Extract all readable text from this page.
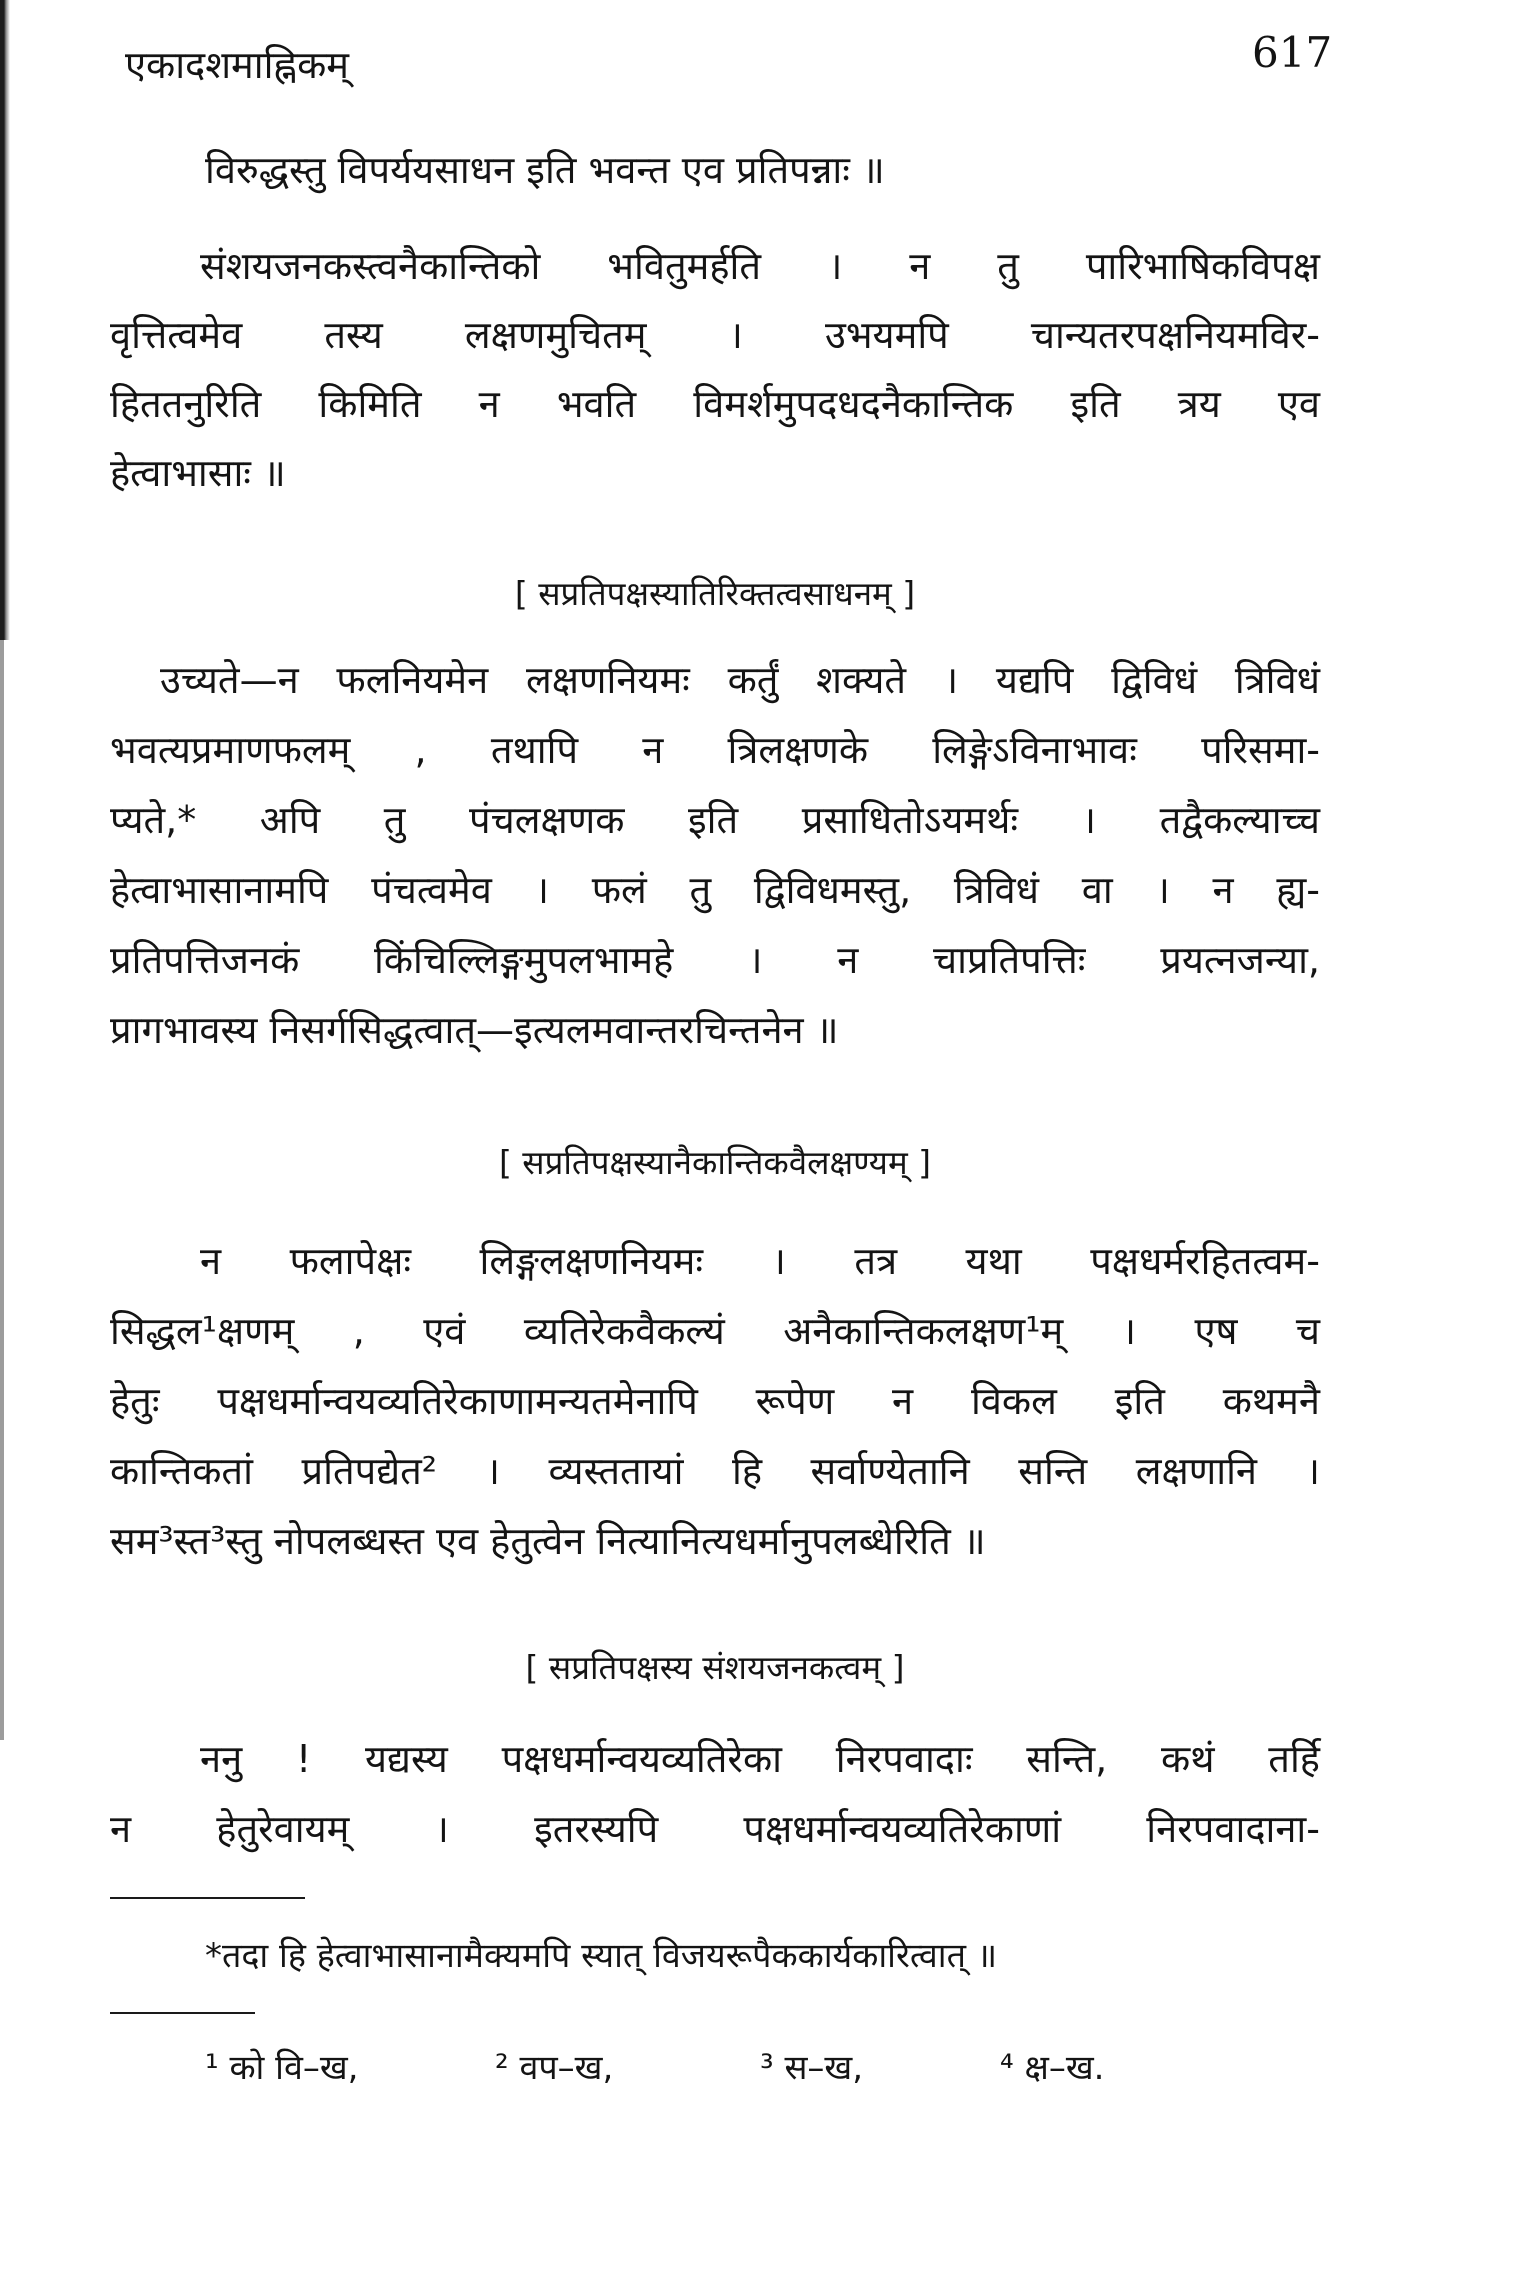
एकादशमाह्निकम्	617
विरुद्धस्तु विपर्ययसाधन इति भवन्त एव प्रतिपन्नाः ॥
संशयजनकस्त्वनैकान्तिको भवितुमर्हति । न तु पारिभाषिकविपक्ष
वृत्तित्वमेव तस्य लक्षणमुचितम् । उभयमपि चान्यतरपक्षनियमविर-
हिततनुरिति किमिति न भवति विमर्शमुपदधदनैकान्तिक इति त्रय एव
हेत्वाभासाः ॥
[ सप्रतिपक्षस्यातिरिक्तत्वसाधनम् ]
उच्यते—न फलनियमेन लक्षणनियमः कर्तुं शक्यते । यद्यपि द्विविधं त्रिविधं
भवत्यप्रमाणफलम् , तथापि न त्रिलक्षणके लिङ्गेऽविनाभावः परिसमा-
प्यते,* अपि तु पंचलक्षणक इति प्रसाधितोऽयमर्थः । तद्वैकल्याच्च
हेत्वाभासानामपि पंचत्वमेव । फलं तु द्विविधमस्तु, त्रिविधं वा । न ह्य-
प्रतिपत्तिजनकं किंचिल्लिङ्गमुपलभामहे । न चाप्रतिपत्तिः प्रयत्नजन्या,
प्रागभावस्य निसर्गसिद्धत्वात्—इत्यलमवान्तरचिन्तनेन ॥
[ सप्रतिपक्षस्यानैकान्तिकवैलक्षण्यम् ]
न फलापेक्षः लिङ्गलक्षणनियमः । तत्र यथा पक्षधर्मरहितत्वम-
सिद्धल¹क्षणम् , एवं व्यतिरेकवैकल्यं अनैकान्तिकलक्षण¹म् । एष च
हेतुः पक्षधर्मान्वयव्यतिरेकाणामन्यतमेनापि रूपेण न विकल इति कथमनै
कान्तिकतां प्रतिपद्येत² । व्यस्ततायां हि सर्वाण्येतानि सन्ति लक्षणानि ।
सम³स्त³स्तु नोपलब्धस्त एव हेतुत्वेन नित्यानित्यधर्मानुपलब्धेरिति ॥
[ सप्रतिपक्षस्य संशयजनकत्वम् ]
ननु ! यद्यस्य पक्षधर्मान्वयव्यतिरेका निरपवादाः सन्ति, कथं तर्हि
न हेतुरेवायम् । इतरस्यपि पक्षधर्मान्वयव्यतिरेकाणां निरपवादाना-
*तदा हि हेत्वाभासानामैक्यमपि स्यात् विजयरूपैककार्यकारित्वात् ॥
¹ को वि–ख,	² वप–ख,	³ स–ख,	⁴ क्ष–ख.
